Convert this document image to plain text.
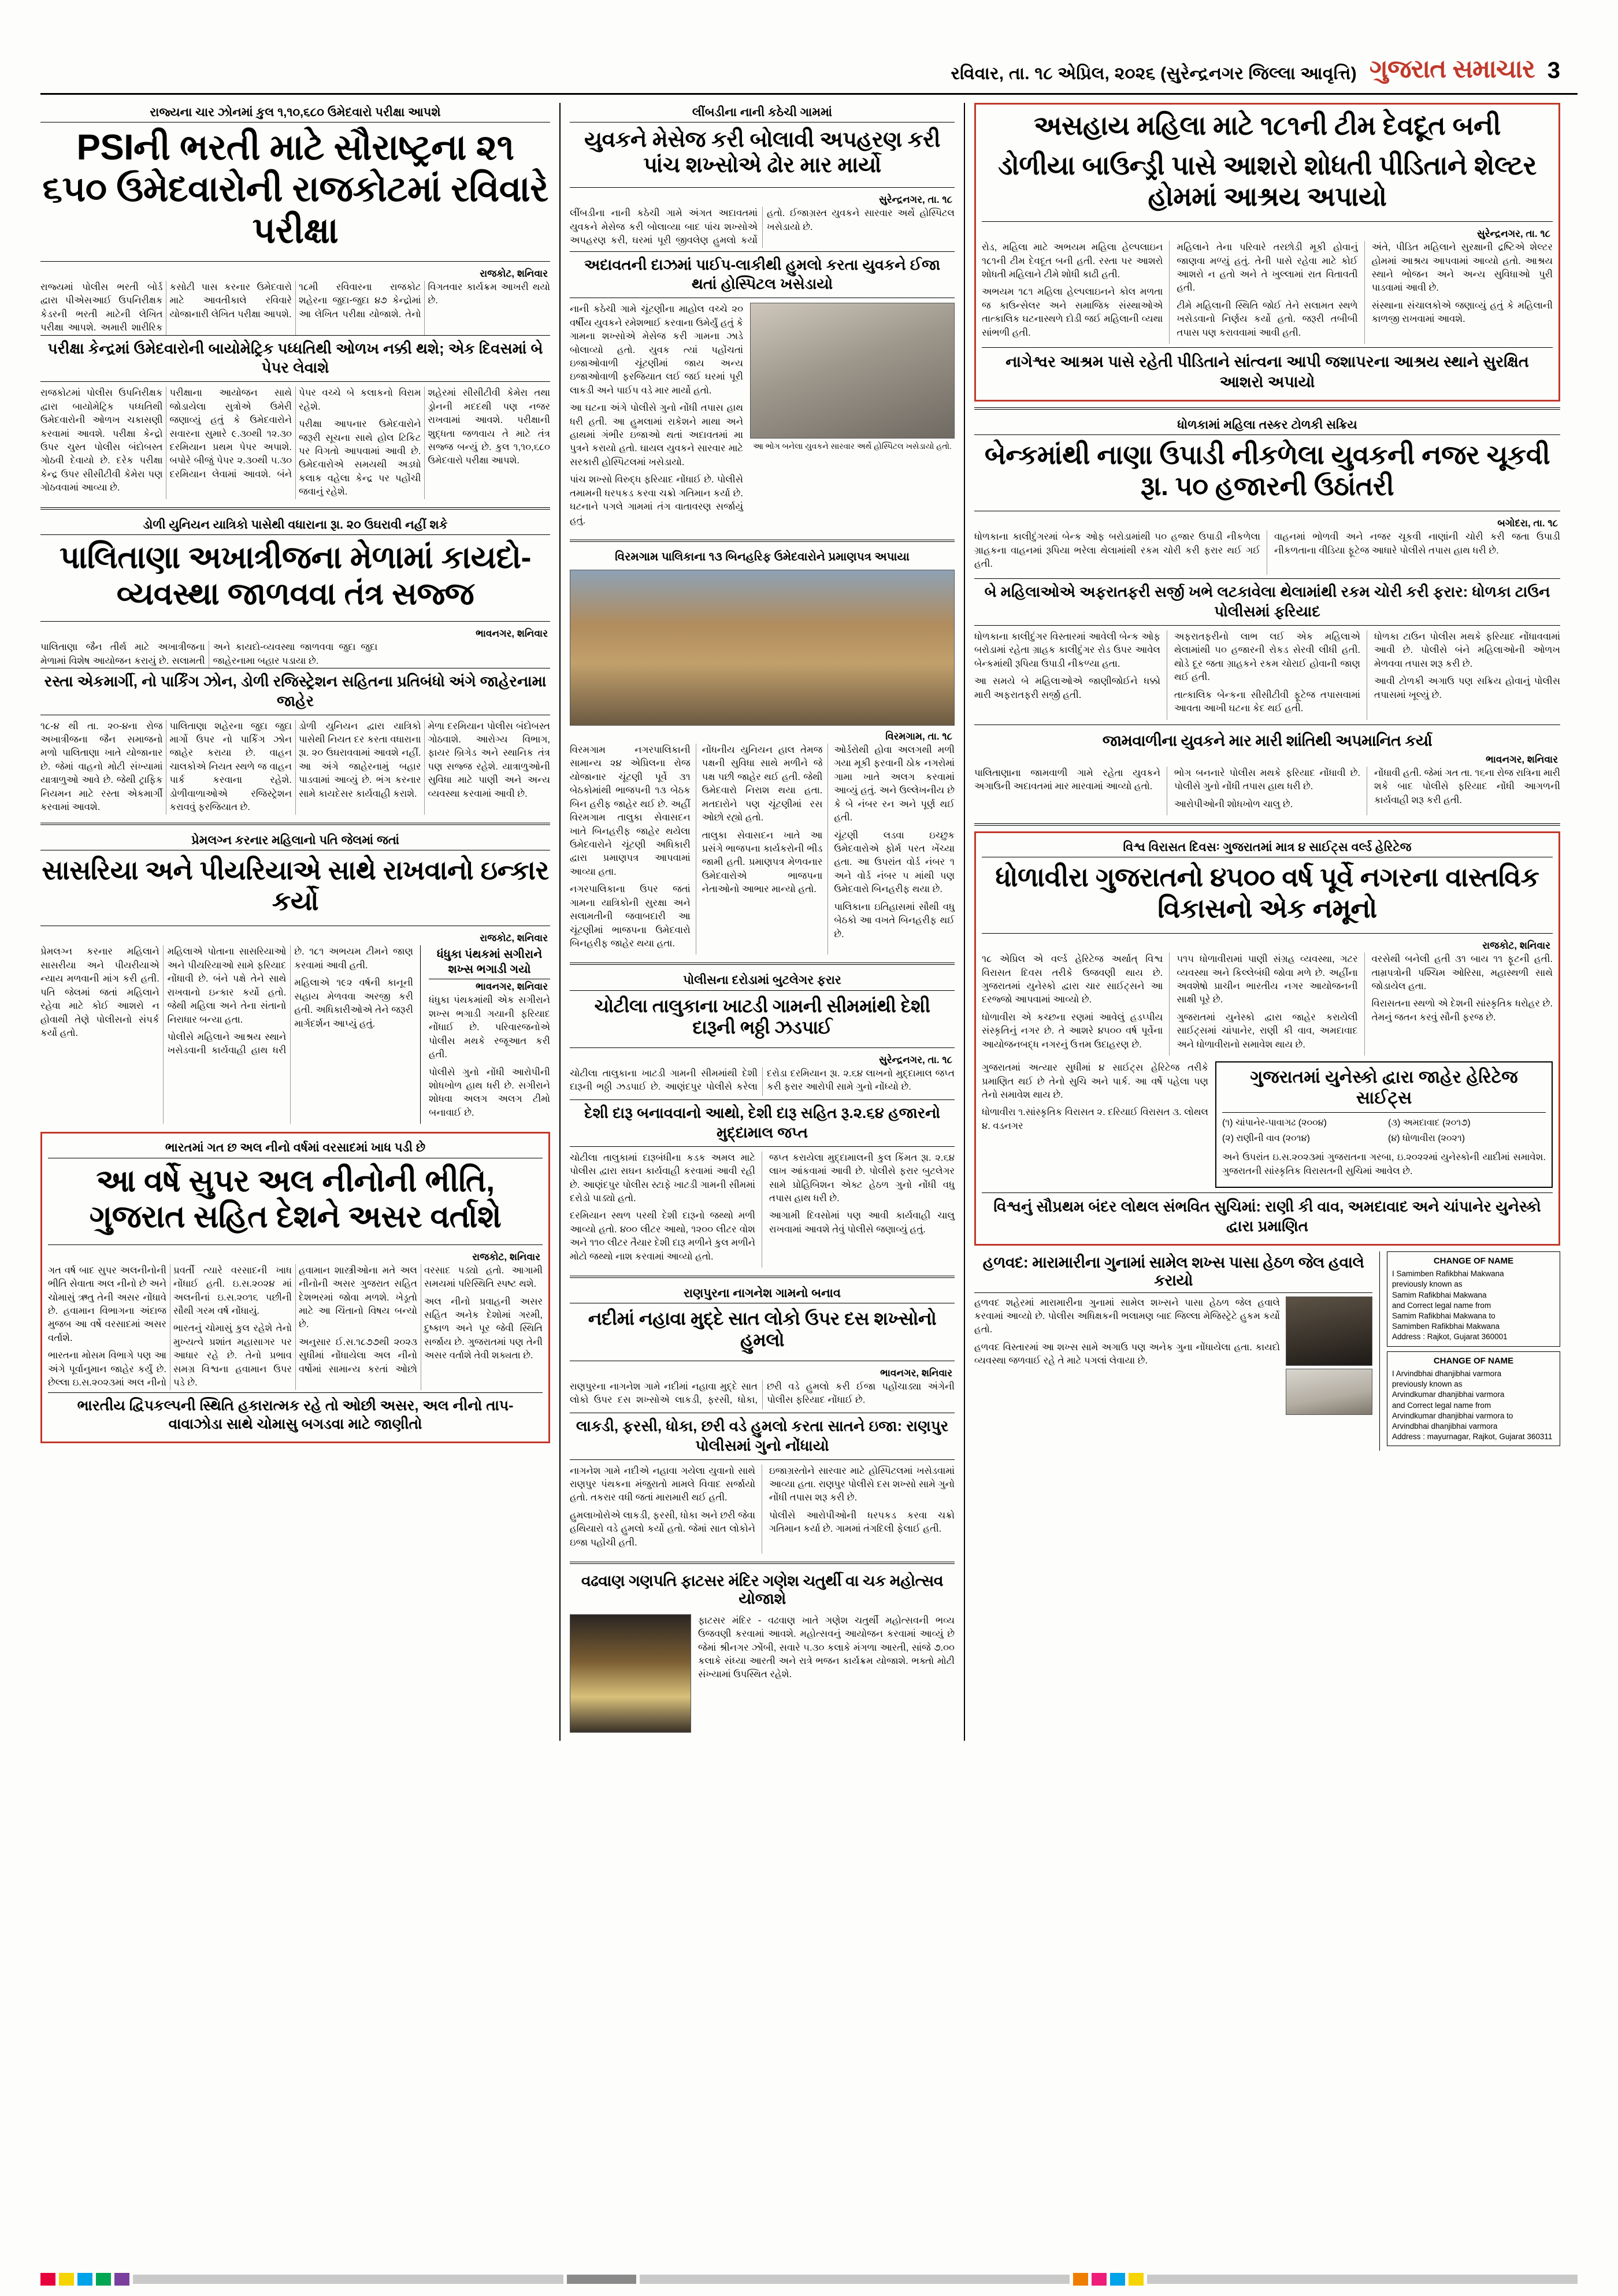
રવિવાર, તા. ૧૮ એપ્રિલ, ૨૦૨૬ (સુરેન્દ્રનગર જિલ્લા આવૃત્તિ) ગુજરાત સમાચાર 3
રાજ્યના ચાર ઝોનમાં કુલ ૧,૧૦,૬૮૦ ઉમેદવારો પરીક્ષા આપશે
PSIની ભરતી માટે સૌરાષ્ટ્રના ૨૧ ૬૫૦ ઉમેદવારોની રાજકોટમાં રવિવારે પરીક્ષા
રાજકોટ, શનિવાર

રાજ્યમાં પોલીસ ભરતી બોર્ડ દ્વારા પીએસઆઈ ઉપનિરીક્ષક કેડરની ભરતી માટેની લેખિત પરીક્ષા આપશે. અમારી શારીરિક કસોટી પાસ કરનાર ઉમેદવારો માટે આવતીકાલે રવિવારે યોજાનારી લેખિત પરીક્ષા આપશે.

૧૮મી રવિવારના રાજકોટ શહેરના જુદા-જુદા ૪૭ કેન્દ્રોમાં આ લેખિત પરીક્ષા યોજાશે. તેનો વિગતવાર કાર્યક્રમ આખરી થયો છે.

પરીક્ષા કેન્દ્રમાં ઉમેદવારોની બાયોમેટ્રિક પધ્ધતિથી ઓળખ નક્કી થશે; એક દિવસમાં બે પેપર લેવાશે

રાજકોટમાં પોલીસ ઉપનિરીક્ષક દ્વારા બાયોમેટ્રિક પધ્ધતિથી ઉમેદવારોની ઓળખ ચકાસણી કરવામાં આવશે. પરીક્ષા કેન્દ્રો ઉપર ચુસ્ત પોલીસ બંદોબસ્ત ગોઠવી દેવાયો છે. દરેક પરીક્ષા કેન્દ્ર ઉપર સીસીટીવી કેમેરા પણ ગોઠવવામાં આવ્યા છે.

પરીક્ષાના આયોજન સાથે જોડાયેલા સુત્રોએ ઉમેરી જણાવ્યું હતું કે ઉમેદવારોને સવારના સુમારે ૯.૩૦થી ૧૨.૩૦ દરમિયાન પ્રથમ પેપર અપાશે. બપોરે બીજું પેપર ૨.૩૦થી ૫.૩૦ દરમિયાન લેવામાં આવશે. બંને પેપર વચ્ચે બે કલાકનો વિરામ રહેશે.

પરીક્ષા આપનાર ઉમેદવારોને જરૂરી સૂચના સાથે હોલ ટિકિટ પર વિગતો આપવામાં આવી છે. ઉમેદવારોએ સમયથી અડધો કલાક વહેલા કેન્દ્ર પર પહોંચી જવાનું રહેશે.

શહેરમાં સીસીટીવી કેમેરા તથા ડ્રોનની મદદથી પણ નજર રાખવામાં આવશે. પરીક્ષાની શુદ્ધતા જળવાય તે માટે તંત્ર સજ્જ બન્યું છે. કુલ ૧,૧૦,૬૮૦ ઉમેદવારો પરીક્ષા આપશે.

ડોળી યુનિયન યાત્રિકો પાસેથી વધારાના રૂા. ૨૦ ઉઘરાવી નહીં શકે
પાલિતાણા અખાત્રીજના મેળામાં કાયદો-વ્યવસ્થા જાળવવા તંત્ર સજ્જ
ભાવનગર, શનિવાર

પાલિતાણા જૈન તીર્થ માટે અખાત્રીજના મેળામાં વિશેષ આયોજન કરાયું છે. સલામતી અને કાયદો-વ્યવસ્થા જાળવવા જુદા જુદા જાહેરનામા બહાર પડાયા છે.

રસ્તા એકમાર્ગી, નો પાર્કિંગ ઝોન, ડોળી રજિસ્ટ્રેશન સહિતના પ્રતિબંધો અંગે જાહેરનામા જાહેર

૧૮-૪ થી તા. ૨૦-૪ના રોજ અખાત્રીજના જૈન સમાજનો મળો પાલિતાણા ખાતે યોજાનાર છે. જેમાં વાહનો મોટી સંખ્યામાં યાત્રાળુઓ આવે છે. જેથી ટ્રાફિક નિયમન માટે રસ્તા એકમાર્ગી કરવામાં આવશે.

પાલિતાણા શહેરના જુદા જુદા માર્ગો ઉપર નો પાર્કિંગ ઝોન જાહેર કરાયા છે. વાહન ચાલકોએ નિયત સ્થળે જ વાહન પાર્ક કરવાના રહેશે. ડોળીવાળાઓએ રજિસ્ટ્રેશન કરાવવું ફરજિયાત છે.

ડોળી યુનિયન દ્વારા યાત્રિકો પાસેથી નિયત દર કરતા વધારાના રૂા. ૨૦ ઉઘરાવવામાં આવશે નહીં. આ અંગે જાહેરનામું બહાર પાડવામાં આવ્યું છે. ભંગ કરનાર સામે કાયદેસર કાર્યવાહી કરાશે.

મેળા દરમિયાન પોલીસ બંદોબસ્ત ગોઠવાશે. આરોગ્ય વિભાગ, ફાયર બ્રિગેડ અને સ્થાનિક તંત્ર પણ સજ્જ રહેશે. યાત્રાળુઓની સુવિધા માટે પાણી અને અન્ય વ્યવસ્થા કરવામાં આવી છે.

પ્રેમલગ્ન કરનાર મહિલાનો પતિ જેલમાં જતાં
સાસરિયા અને પીયરિયાએ સાથે રાખવાનો ઇન્કાર કર્યો
રાજકોટ, શનિવાર

પ્રેમલગ્ન કરનાર મહિલાને સાસરીયા અને પીયરીયાએ ન્યાય મળવાની માંગ કરી હતી. પતિ જેલમાં જતાં મહિલાને રહેવા માટે કોઈ આશરો ન હોવાથી તેણે પોલીસનો સંપર્ક કર્યો હતો.

મહિલાએ પોતાના સાસરિયાઓ અને પીયરિયાઓ સામે ફરિયાદ નોંધાવી છે. બંને પક્ષે તેને સાથે રાખવાનો ઇન્કાર કર્યો હતો. જેથી મહિલા અને તેના સંતાનો નિરાધાર બન્યા હતા.

પોલીસે મહિલાને આશ્રય સ્થાને ખસેડવાની કાર્યવાહી હાથ ધરી છે. ૧૮૧ અભયમ ટીમને જાણ કરવામાં આવી હતી.

મહિલાએ ૧૯૨ વર્ષની કાનૂની સહાય મેળવવા અરજી કરી હતી. અધિકારીઓએ તેને જરૂરી માર્ગદર્શન આપ્યું હતું.

ધંધુકા પંથકમાં સગીરાને શખ્સ ભગાડી ગયો
ભાવનગર, શનિવાર

ધંધુકા પંથકમાંથી એક સગીરાને શખ્સ ભગાડી ગયાની ફરિયાદ નોંધાઈ છે. પરિવારજનોએ પોલીસ મથકે રજૂઆત કરી હતી.

પોલીસે ગુનો નોંધી આરોપીની શોધખોળ હાથ ધરી છે. સગીરાને શોધવા અલગ અલગ ટીમો બનાવાઈ છે.

ભારતમાં ગત છ અલ નીનો વર્ષમાં વરસાદમાં ખાધ પડી છે
આ વર્ષે સુપર અલ નીનોની ભીતિ, ગુજરાત સહિત દેશને અસર વર્તાશે
રાજકોટ, શનિવાર

ગત વર્ષ બાદ સુપર અલનીનોની ભીતિ સેવાતા અલ નીનો છે અને ચોમાસું ઋતુ તેની અસર નોંધાવે છે. હવામાન વિભાગના અંદાજ મુજબ આ વર્ષે વરસાદમાં અસર વર્તાશે.

ભારતના મોસમ વિભાગે પણ આ અંગે પૂર્વાનુમાન જાહેર કર્યું છે. છેલ્લા ઇ.સ.૨૦૨૩માં અલ નીનો પ્રવર્તી ત્યારે વરસાદની ખાધ નોંધાઈ હતી. ઇ.સ.૨૦૨૪ માં અલનીનાં ઇ.સ.૨૦૧૬ પછીની સૌથી ગરમ વર્ષ નોંધાયું.

ભારતનું ચોમાસું કુલ રહેશે તેનો મુખ્યત્વે પ્રશાંત મહાસાગર પર આધાર રહે છે. તેનો પ્રભાવ સમગ્ર વિશ્વના હવામાન ઉપર પડે છે.

હવામાન શાસ્ત્રીઓના મતે અલ નીનોની અસર ગુજરાત સહિત દેશભરમાં જોવા મળશે. ખેડૂતો માટે આ ચિંતાનો વિષય બન્યો છે.

અનુસાર ઈ.સ.૧૮૭૭થી ૨૦૨૩ સુધીમાં નોંધાયેલા અલ નીનો વર્ષોમાં સામાન્ય કરતાં ઓછો વરસાદ પડ્યો હતો. આગામી સમયમાં પરિસ્થિતિ સ્પષ્ટ થશે.

અલ નીનો પ્રવાહની અસર સહિત અનેક દેશોમાં ગરમી, દુષ્કાળ અને પૂર જેવી સ્થિતિ સર્જાય છે. ગુજરાતમાં પણ તેની અસર વર્તાશે તેવી શક્યતા છે.

ભારતીય દ્વિપકલ્પની સ્થિતિ હકારાત્મક રહે તો ઓછી અસર, અલ નીનો તાપ-વાવાઝોડા સાથે ચોમાસુ બગડવા માટે જાણીતો
લીંબડીના નાની કઠેચી ગામમાં
યુવકને મેસેજ કરી બોલાવી અપહરણ કરી પાંચ શખ્સોએ ઢોર માર માર્યો
સુરેન્દ્રનગર, તા. ૧૮

લીંબડીના નાની કઠેચી ગામે અંગત અદાવતમાં યુવકને મેસેજ કરી બોલાવ્યા બાદ પાંચ શખ્સોએ અપહરણ કરી, ઘરમાં પૂરી જીવલેણ હુમલો કર્યો હતો. ઈજાગ્રસ્ત યુવકને સારવાર અર્થે હોસ્પિટલ ખસેડાયો છે.

અદાવતની દાઝમાં પાઈપ-લાકીથી હુમલો કરતા યુવકને ઈજા થતાં હોસ્પિટલ ખસેડાયો

નાની કઠેચી ગામે ચૂંટણીના માહોલ વચ્ચે ૨૦ વર્ષીય યુવકને રમેશભાઈ કરવાના ઉમેર્યું હતું કે ગામના શખ્સોએ મેસેજ કરી ગામના ઝાડે બોલાવ્યો હતો. યુવક ત્યાં પહોંચતાં ઇજાઓવાળી ચૂંટણીમાં જાય અન્ય ઇજાઓવાળી ફરજિયાત લઈ જઈ ઘરમાં પૂરી લાકડી અને પાઈપ વડે માર માર્યો હતો.

આ ઘટના અંગે પોલીસે ગુનો નોંધી તપાસ હાથ ધરી હતી. આ હુમલામાં રાકેશને માથા અને હાથમાં ગંભીર ઇજાઓ થતાં અદાવતમાં મા પુત્રને કરાયો હતો. ઘાયલ યુવકને સારવાર માટે સરકારી હોસ્પિટલમાં ખસેડાયો.

પાંચ શખ્સો વિરુદ્ધ ફરિયાદ નોંધાઈ છે. પોલીસે તમામની ધરપકડ કરવા ચક્રો ગતિમાન કર્યા છે. ઘટનાને પગલે ગામમાં તંગ વાતાવરણ સર્જાયું હતું.

આ ભોગ બનેલા યુવકને સારવાર અર્થે હોસ્પિટલ ખસેડાયો હતો.
વિરમગામ પાલિકાના ૧૩ બિનહરિફ ઉમેદવારોને પ્રમાણપત્ર અપાયા
વિરમગામ, તા. ૧૮

વિરમગામ નગરપાલિકાની સામાન્ય ૨૪ એપ્રિલના રોજ યોજાનાર ચૂંટણી પૂર્વે ૩૧ બેઠકોમાંથી ભાજપની ૧૩ બેઠક બિન હરીફ જાહેર થઈ છે. અહીં વિરમગામ તાલુકા સેવાસદન ખાતે બિનહરીફ જાહેર થયેલા ઉમેદવારોને ચૂંટણી અધિકારી દ્વારા પ્રમાણપત્ર આપવામાં આવ્યા હતા.

નગરપાલિકાના ઉપર જતાં ગામના યાત્રિકોની સુરક્ષા અને સલામતીની જવાબદારી આ ચૂંટણીમાં ભાજપના ઉમેદવારો બિનહરીફ જાહેર થયા હતા.

નોંધનીય યુનિયન હાલ તેમજ પક્ષની સુવિધા સાથે મળીને જે પક્ષ પછી જાહેર થઈ હતી. જેથી ઉમેદવારો નિરાશ થયા હતા. મતદારોને પણ ચૂંટણીમાં રસ ઓછો રહ્યો હતો.

તાલુકા સેવાસદન ખાતે આ પ્રસંગે ભાજપના કાર્યકરોની ભીડ જામી હતી. પ્રમાણપત્ર મેળવનાર ઉમેદવારોએ ભાજપના નેતાઓનો આભાર માન્યો હતો.

ઓર્ડરોથી હોવા અલગથી મળી ગયા મૂકી ફરવાની ઠોક નગરોમાં ગામા ખાતે અલગ કરવામાં આવ્યું હતું. અને ઉલ્લેખનીય છે કે બે નંબર રન અને પૂર્ણ થઈ હતી.

ચૂંટણી લડવા ઇચ્છુક ઉમેદવારોએ ફોર્મ પરત ખેંચ્યા હતા. આ ઉપરાંત વોર્ડ નંબર ૧ અને વોર્ડ નંબર ૫ માંથી પણ ઉમેદવારો બિનહરીફ થયા છે.

પાલિકાના ઇતિહાસમાં સૌથી વધુ બેઠકો આ વખતે બિનહરીફ થઈ છે.

પોલીસના દરોડામાં બુટલેગર ફરાર
ચોટીલા તાલુકાના ખાટડી ગામની સીમમાંથી દેશી દારૂની ભઠ્ઠી ઝડપાઈ
સુરેન્દ્રનગર, તા. ૧૮

ચોટીલા તાલુકાના ખાટડી ગામની સીમમાંથી દેશી દારૂની ભઠ્ઠી ઝડપાઈ છે. આણંદપુર પોલીસે કરેલા દરોડા દરમિયાન રૂા. ૨.૬૪ લાખનો મુદ્દામાલ જપ્ત કરી ફરાર આરોપી સામે ગુનો નોંધ્યો છે.

દેશી દારૂ બનાવવાનો આથો, દેશી દારૂ સહિત રૂ.૨.૬૪ હજારનો મુદ્દામાલ જપ્ત

ચોટીલા તાલુકામાં દારૂબંધીના કડક અમલ માટે પોલીસ દ્વારા સઘન કાર્યવાહી કરવામાં આવી રહી છે. આણંદપુર પોલીસ સ્ટાફે ખાટડી ગામની સીમમાં દરોડો પાડ્યો હતો.

દરમિયાન સ્થળ પરથી દેશી દારૂનો જથ્થો મળી આવ્યો હતો. ૪૦૦ લીટર આથો, ૧૨૦૦ લીટર વોશ અને ૧૧૦ લીટર તૈયાર દેશી દારૂ મળીને કુલ મળીને મોટો જથ્થો નાશ કરવામાં આવ્યો હતો.

જપ્ત કરાયેલા મુદ્દામાલની કુલ કિંમત રૂા. ૨.૬૪ લાખ આંકવામાં આવી છે. પોલીસે ફરાર બુટલેગર સામે પ્રોહિબિશન એક્ટ હેઠળ ગુનો નોંધી વધુ તપાસ હાથ ધરી છે.

આગામી દિવસોમાં પણ આવી કાર્યવાહી ચાલુ રાખવામાં આવશે તેવું પોલીસે જણાવ્યું હતું.

રાણપુરના નાગનેશ ગામનો બનાવ
નદીમાં નહાવા મુદ્દે સાત લોકો ઉપર દસ શખ્સોનો હુમલો
ભાવનગર, શનિવાર

રાણપુરના નાગનેશ ગામે નદીમાં નહાવા મુદ્દે સાત લોકો ઉપર દસ શખ્સોએ લાકડી, ફરસી, ધોકા, છરી વડે હુમલો કરી ઈજા પહોંચાડ્યા અંગેની પોલીસ ફરિયાદ નોંધાઈ છે.

લાકડી, ફરસી, ધોકા, છરી વડે હુમલો કરતા સાતને ઇજા: રાણપુર પોલીસમાં ગુનો નોંધાયો

નાગનેશ ગામે નદીએ નહાવા ગયેલા યુવાનો સાથે રાણપુર પંથકના મંજુરાતો મામલે વિવાદ સર્જાયો હતો. તકરાર વધી જતાં મારામારી થઈ હતી.

હુમલાખોરોએ લાકડી, ફરસી, ધોકા અને છરી જેવા હથિયારો વડે હુમલો કર્યો હતો. જેમાં સાત લોકોને ઇજા પહોંચી હતી.

ઇજાગ્રસ્તોને સારવાર માટે હોસ્પિટલમાં ખસેડવામાં આવ્યા હતા. રાણપુર પોલીસે દસ શખ્સો સામે ગુનો નોંધી તપાસ શરૂ કરી છે.

પોલીસે આરોપીઓની ધરપકડ કરવા ચક્રો ગતિમાન કર્યા છે. ગામમાં તંગદિલી ફેલાઈ હતી.

વઢવાણ ગણપતિ ફાટસર મંદિર ગણેશ ચતુર્થી વા ચક મહોત્સવ યોજાશે

ફાટસર મંદિર - વઢવાણ ખાતે ગણેશ ચતુર્થી મહોત્સવની ભવ્ય ઉજવણી કરવામાં આવશે. મહોત્સવનું આયોજન કરવામાં આવ્યું છે જેમાં શ્રીનગર ઝોંબી, સવારે ૫.૩૦ કલાકે મંગળા આરતી, સાંજે ૭.૦૦ કલાકે સંધ્યા આરતી અને રાત્રે ભજન કાર્યક્રમ યોજાશે. ભક્તો મોટી સંખ્યામાં ઉપસ્થિત રહેશે.

અસહાય મહિલા માટે ૧૮૧ની ટીમ દેવદૂત બની
ડોળીયા બાઉન્ડ્રી પાસે આશરો શોધતી પીડિતાને શેલ્ટર હોમમાં આશ્રય અપાયો
સુરેન્દ્રનગર, તા. ૧૮

રોડ, મહિલા માટે અભયમ મહિલા હેલ્પલાઇન ૧૮૧ની ટીમ દેવદૂત બની હતી. રસ્તા પર આશરો શોધતી મહિલાને ટીમે શોધી કાઢી હતી.

અભયમ ૧૮૧ મહિલા હેલ્પલાઇનને કોલ મળતા જ કાઉન્સેલર અને સમાજિક સંસ્થાઓએ તાત્કાલિક ઘટનાસ્થળે દોડી જઈ મહિલાની વ્યથા સાંભળી હતી.

મહિલાને તેના પરિવારે તરછોડી મૂકી હોવાનું જાણવા મળ્યું હતું. તેની પાસે રહેવા માટે કોઈ આશરો ન હતો અને તે ખુલ્લામાં રાત વિતાવતી હતી.

ટીમે મહિલાની સ્થિતિ જોઈ તેને સલામત સ્થળે ખસેડવાનો નિર્ણય કર્યો હતો. જરૂરી તબીબી તપાસ પણ કરાવવામાં આવી હતી.

અંતે, પીડિત મહિલાને સુરક્ષાની દ્રષ્ટિએ શેલ્ટર હોમમાં આશ્રય આપવામાં આવ્યો હતો. આશ્રય સ્થાને ભોજન અને અન્ય સુવિધાઓ પુરી પાડવામાં આવી છે.

સંસ્થાના સંચાલકોએ જણાવ્યું હતું કે મહિલાની કાળજી રાખવામાં આવશે.

નાગેશ્વર આશ્રમ પાસે રહેતી પીડિતાને સાંત્વના આપી જશાપરના આશ્રય સ્થાને સુરક્ષિત આશરો અપાયો
ધોળકામાં મહિલા તસ્કર ટોળકી સક્રિય
બેન્કમાંથી નાણા ઉપાડી નીકળેલા યુવકની નજર ચૂકવી રૂા. ૫૦ હજારની ઉઠાંતરી
બગોદરા, તા. ૧૮

ધોળકાના કાલીદુંગરમાં બેન્ક ઓફ બરોડામાંથી ૫૦ હજાર ઉપાડી નીકળેલા ગ્રાહકના વાહનમાં રૂપિયા ભરેલા થેલામાંથી રકમ ચોરી કરી ફરાર થઈ ગઈ હતી.

વાહનમાં ભોળવી અને નજર ચૂકવી નાણાંની ચોરી કરી જતા ઉપાડી નીકળતાના વીડિયા ફૂટેજ આધારે પોલીસે તપાસ હાથ ધરી છે.

બે મહિલાઓએ અફરાતફરી સર્જી ખભે લટકાવેલા થેલામાંથી રકમ ચોરી કરી ફરાર: ધોળકા ટાઉન પોલીસમાં ફરિયાદ

ધોળકાના કાલીદુંગર વિસ્તારમાં આવેલી બેન્ક ઓફ બરોડામાં રહેતા ગ્રાહક કાલીદુંગર રોડ ઉપર આવેલ બેન્કમાંથી રૂપિયા ઉપાડી નીકળ્યા હતા.

આ સમયે બે મહિલાઓએ જાણીજોઈને ધક્કો મારી અફરાતફરી સર્જી હતી.

અફરાતફરીનો લાભ લઈ એક મહિલાએ થેલામાંથી ૫૦ હજારની રોકડ સેરવી લીધી હતી. થોડે દૂર જતા ગ્રાહકને રકમ ચોરાઈ હોવાની જાણ થઈ હતી.

તાત્કાલિક બેન્કના સીસીટીવી ફૂટેજ તપાસવામાં આવતા આખી ઘટના કેદ થઈ હતી.

ધોળકા ટાઉન પોલીસ મથકે ફરિયાદ નોંધાવવામાં આવી છે. પોલીસે બંને મહિલાઓની ઓળખ મેળવવા તપાસ શરૂ કરી છે.

આવી ટોળકી અગાઉ પણ સક્રિય હોવાનું પોલીસ તપાસમાં ખૂલ્યું છે.

જામવાળીના યુવકને માર મારી શાંતિથી અપમાનિત કર્યા
ભાવનગર, શનિવાર

પાલિતાણાના જામવાળી ગામે રહેતા યુવકને અગાઉની અદાવતમાં માર મારવામાં આવ્યો હતો.

ભોગ બનનારે પોલીસ મથકે ફરિયાદ નોંધાવી છે. પોલીસે ગુનો નોંધી તપાસ હાથ ધરી છે.

આરોપીઓની શોધખોળ ચાલુ છે.

નોંધાવી હતી. જેમાં ગત તા. ૧૬ના રોજ રાત્રિના મારી શકે બાદ પોલીસે ફરિયાદ નોંધી આગળની કાર્યવાહી શરૂ કરી હતી.

વિશ્વ વિરાસત દિવસઃ ગુજરાતમાં માત્ર ૪ સાઈટ્સ વર્લ્ડ હેરિટેજ
ધોળાવીરા ગુજરાતનો ૪૫૦૦ વર્ષ પૂર્વે નગરના વાસ્તવિક વિકાસનો એક નમૂનો
રાજકોટ, શનિવાર

૧૮ એપ્રિલ એ વર્લ્ડ હેરિટેજ અર્થાત્ વિશ્વ વિરાસત દિવસ તરીકે ઉજવણી થાય છે. ગુજરાતમાં યુનેસ્કો દ્વારા ચાર સાઈટ્સને આ દરજ્જો આપવામાં આવ્યો છે.

ધોળાવીરા એ કચ્છના રણમાં આવેલું હડપ્પીય સંસ્કૃતિનું નગર છે. તે આશરે ૪૫૦૦ વર્ષ પૂર્વેના આયોજનબદ્ધ નગરનું ઉત્તમ ઉદાહરણ છે.

૫૧૫ ધોળાવીરામાં પાણી સંગ્રહ વ્યવસ્થા, ગટર વ્યવસ્થા અને કિલ્લેબંધી જોવા મળે છે. અહીંના અવશેષો પ્રાચીન ભારતીય નગર આયોજનની સાક્ષી પૂરે છે.

ગુજરાતમાં યુનેસ્કો દ્વારા જાહેર કરાયેલી સાઈટ્સમાં ચાંપાનેર, રાણી કી વાવ, અમદાવાદ અને ધોળાવીરાનો સમાવેશ થાય છે.

વરસેથી બનેલી હતી ૩૧ બાય ૧૧ ફૂટની હતી. તામ્રપત્રોની પશ્ચિમ ઓરિસા, મહાસ્થળી સાથે જોડાયેલ હતા.

વિરાસતના સ્થળો એ દેશની સાંસ્કૃતિક ધરોહર છે. તેમનું જતન કરવું સૌની ફરજ છે.

ગુજરાતમાં અત્યાર સુધીમાં ૪ સાઈટ્સ હેરિટેજ તરીકે પ્રમાણિત થઈ છે તેનો સુચિ અને પાર્ક. આ વર્ષે પહેલા પણ તેનો સમાવેશ થાય છે.

ધોળાવીરા ૧.સાંસ્કૃતિક વિરાસત ૨. દરિયાઈ વિરાસત ૩. લોથલ ૪. વડનગર

ગુજરાતમાં યુનેસ્કો દ્વારા જાહેર હેરિટેજ સાઈટ્સ
(૧) ચાંપાનેર-પાવાગઢ (૨૦૦૪)
(૨) રાણીની વાવ (૨૦૧૪)
(૩) અમદાવાદ (૨૦૧૭)
(૪) ધોળાવીરા (૨૦૨૧)

અને ઉપરાંત ઇ.સ.૨૦૨૩માં ગુજરાતના ગરબા, ઇ.૨૦૨૨માં યુનેસ્કોની યાદીમાં સમાવેશ. ગુજરાતની સાંસ્કૃતિક વિરાસતની સુચિમાં આવેલ છે.

વિશ્વનું સૌપ્રથમ બંદર લોથલ સંભવિત સુચિમાં: રાણી કી વાવ, અમદાવાદ અને ચાંપાનેર યુનેસ્કો દ્વારા પ્રમાણિત
હળવદ: મારામારીના ગુનામાં સામેલ શખ્સ પાસા હેઠળ જેલ હવાલે કરાયો

હળવદ શહેરમાં મારામારીના ગુનામાં સામેલ શખ્સને પાસા હેઠળ જેલ હવાલે કરવામાં આવ્યો છે. પોલીસ અધિક્ષકની ભલામણ બાદ જિલ્લા મેજિસ્ટ્રેટે હુકમ કર્યો હતો.

હળવદ વિસ્તારમાં આ શખ્સ સામે અગાઉ પણ અનેક ગુના નોંધાયેલા હતા. કાયદો વ્યવસ્થા જળવાઈ રહે તે માટે પગલાં લેવાયા છે.

CHANGE OF NAME
I Samimben Rafikbhai Makwana
previously known as
Samim Rafikbhai Makwana
and Correct legal name from
Samim Rafikbhai Makwana to
Samimben Rafikbhai Makwana
Address : Rajkot, Gujarat 360001
CHANGE OF NAME
I Arvindbhai dhanjibhai varmora
previously known as
Arvindkumar dhanjibhai varmora
and Correct legal name from
Arvindkumar dhanjibhai varmora to
Arvindbhai dhanjibhai varmora
Address : mayurnagar, Rajkot, Gujarat 360311
